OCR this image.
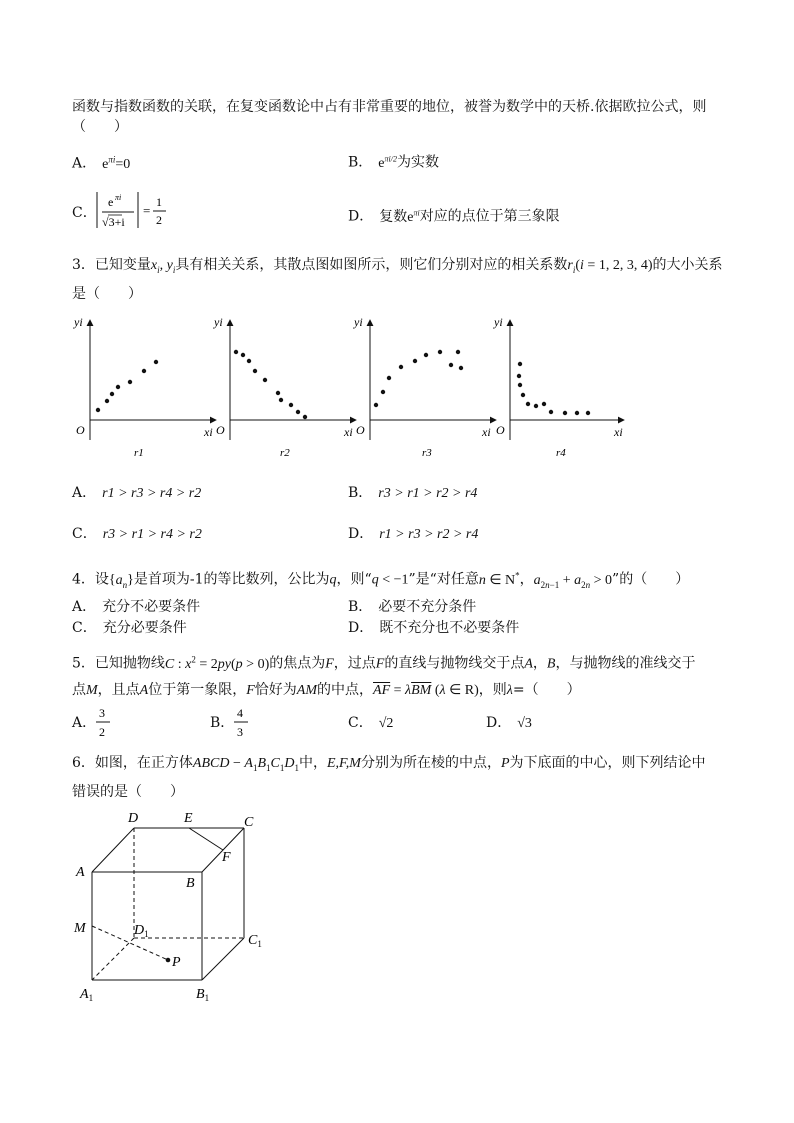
函数与指数函数的关联，在复变函数论中占有非常重要的地位，被誉为数学中的天桥.依据欧拉公式，则
（　　）
A． $e^{\pi i}=0$	B． $e^{\pi i/2}$为实数
C．
e πi
√3+i
=
1
2	D． 复数$e^{\pi i}$对应的点位于第三象限
3．已知变量$x_i$, $y_i$具有相关关系，其散点图如图所示，则它们分别对应的相关系数$r_i(i = 1$, 2, 3, 4)的大小关系
是（　　）
yi
xi
O
r1
yi
xi
O
r2
yi
xi
O
r3
yi
xi
O
r4
A． r1 > r3 > r4 > r2	B． r3 > r1 > r2 > r4
C． r3 > r1 > r4 > r2	D． r1 > r3 > r2 > r4
4．设$\{a_n\}$是首项为-1的等比数列，公比为q，则“q < −1”是“对任意n ∈ N*，$a_{2n-1} + a_{2n} > 0$”的（　　）
A． 充分不必要条件	B． 必要不充分条件
C． 充分必要条件	D． 既不充分也不必要条件
5．已知抛物线C : $x^2 = 2py(p > 0)$的焦点为F，过点F的直线与抛物线交于点A，B，与抛物线的准线交于
点M，且点A位于第一象限，F恰好为AM的中点，$\overline{AF} = \lambda\overline{BM}$ (λ ∈ R)，则λ=（　　）
A．
3
2
B．
4
3
C． √2	D． √3
6．如图，在正方体ABCD − $A_1B_1C_1D_1$中，E,F,M分别为所在棱的中点，P为下底面的中心，则下列结论中
错误的是（　　）
D	E	C
F
A
B
M	$D_1$	$C_1$
P
$A_1$	$B_1$
